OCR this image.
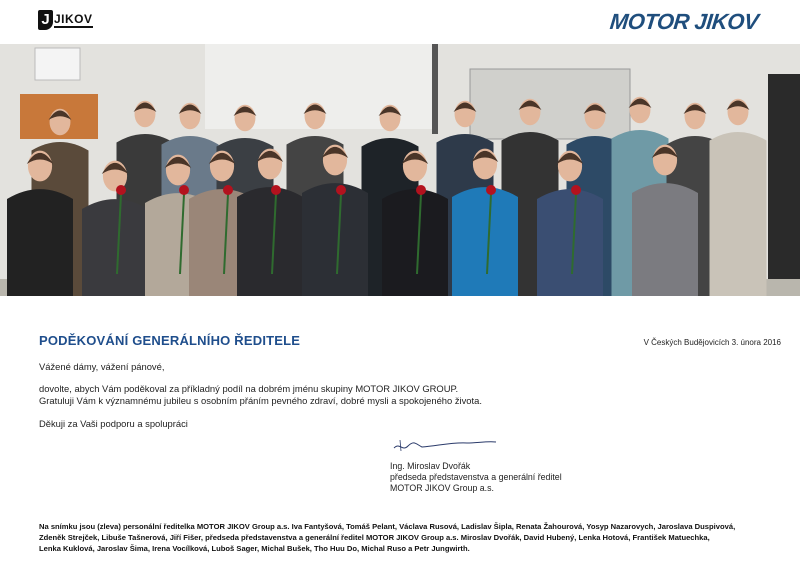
J JIKOV	MOTOR JIKOV
PODĚKOVÁNÍ GENERÁLNÍHO ŘEDITELE	V Českých Budějovicích 3. února 2016
Vážené dámy, vážení pánové,
dovolte, abych Vám poděkoval za příkladný podíl na dobrém jménu skupiny MOTOR JIKOV GROUP.
Gratuluji Vám k významnému jubileu s osobním přáním pevného zdraví, dobré mysli a spokojeného života.
Děkuji za Vaši podporu a spolupráci
Ing. Miroslav Dvořák
předseda představenstva a generální ředitel
MOTOR JIKOV Group a.s.
Na snímku jsou (zleva) personální ředitelka MOTOR JIKOV Group a.s. Iva Fantyšová, Tomáš Pelant, Václava Rusová, Ladislav Šipla, Renata Žahourová, Yosyp Nazarovych, Jaroslava Duspivová,
Zdeněk Strejček, Libuše Tašnerová, Jiří Fišer, předseda představenstva a generální ředitel MOTOR JIKOV Group a.s. Miroslav Dvořák, David Hubený, Lenka Hotová, František Matuechka,
Lenka Kuklová, Jaroslav Šima, Irena Vocílková, Luboš Sager, Michal Bušek, Tho Huu Do, Michal Ruso a Petr Jungwirth.
